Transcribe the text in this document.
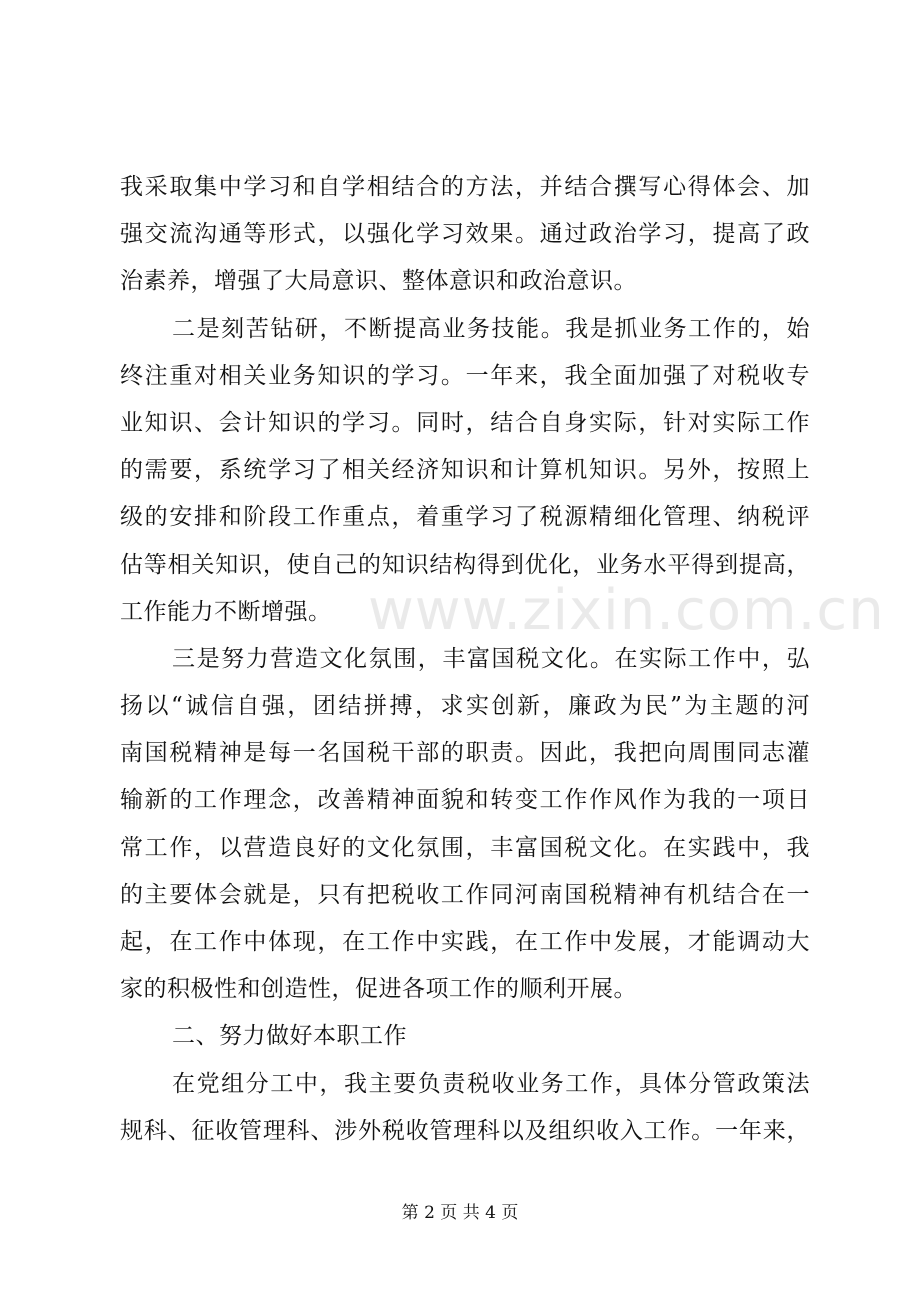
我采取集中学习和自学相结合的方法，并结合撰写心得体会、加
强交流沟通等形式，以强化学习效果。通过政治学习，提高了政
治素养，增强了大局意识、整体意识和政治意识。
二是刻苦钻研，不断提高业务技能。我是抓业务工作的，始
终注重对相关业务知识的学习。一年来，我全面加强了对税收专
业知识、会计知识的学习。同时，结合自身实际，针对实际工作
的需要，系统学习了相关经济知识和计算机知识。另外，按照上
级的安排和阶段工作重点，着重学习了税源精细化管理、纳税评
估等相关知识，使自己的知识结构得到优化，业务水平得到提高，
工作能力不断增强。
三是努力营造文化氛围，丰富国税文化。在实际工作中，弘
扬以“诚信自强，团结拼搏，求实创新，廉政为民”为主题的河
南国税精神是每一名国税干部的职责。因此，我把向周围同志灌
输新的工作理念，改善精神面貌和转变工作作风作为我的一项日
常工作，以营造良好的文化氛围，丰富国税文化。在实践中，我
的主要体会就是，只有把税收工作同河南国税精神有机结合在一
起，在工作中体现，在工作中实践，在工作中发展，才能调动大
家的积极性和创造性，促进各项工作的顺利开展。
二、努力做好本职工作
在党组分工中，我主要负责税收业务工作，具体分管政策法
规科、征收管理科、涉外税收管理科以及组织收入工作。一年来，
www.zixin.com.cn
第 2 页 共 4 页
